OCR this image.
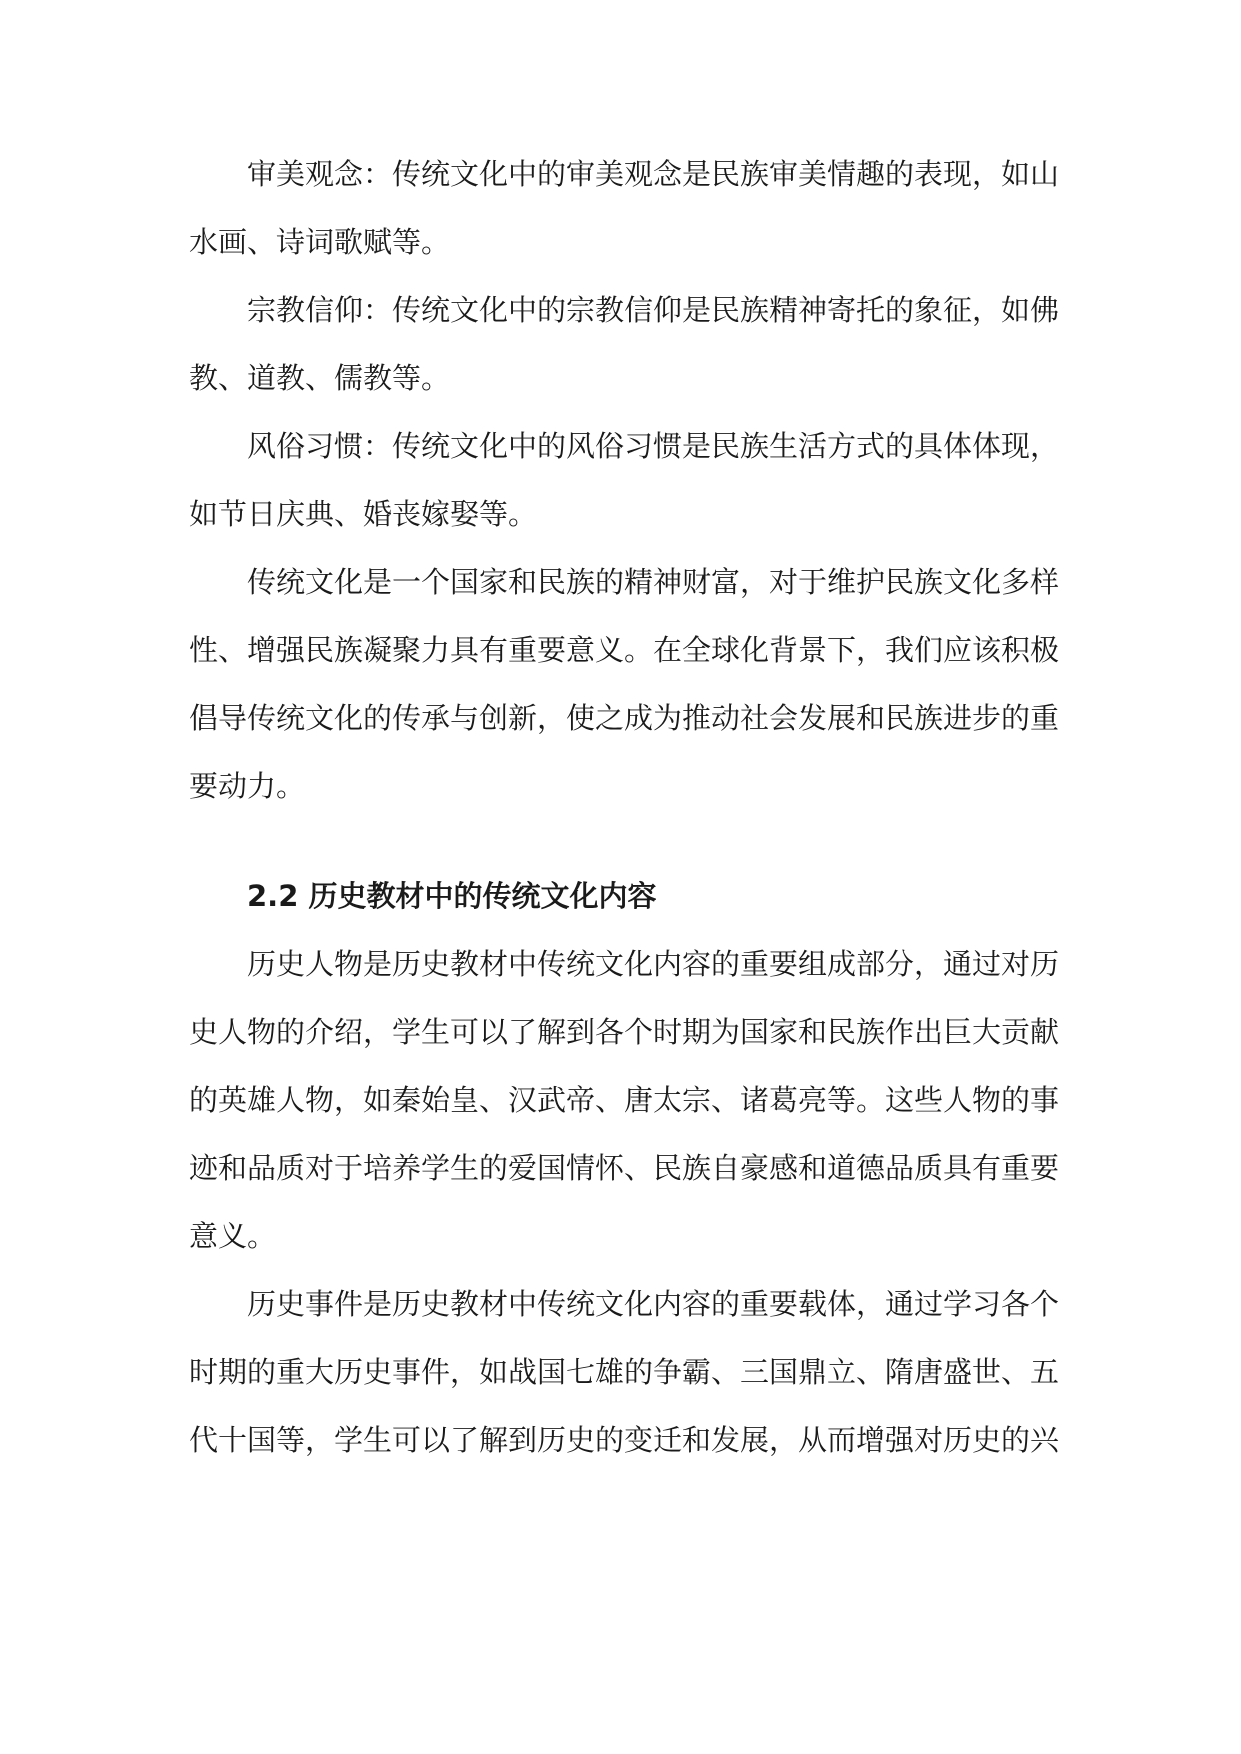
审美观念：传统文化中的审美观念是民族审美情趣的表现，如山水画、诗词歌赋等。

宗教信仰：传统文化中的宗教信仰是民族精神寄托的象征，如佛教、道教、儒教等。

风俗习惯：传统文化中的风俗习惯是民族生活方式的具体体现，如节日庆典、婚丧嫁娶等。

传统文化是一个国家和民族的精神财富，对于维护民族文化多样性、增强民族凝聚力具有重要意义。在全球化背景下，我们应该积极倡导传统文化的传承与创新，使之成为推动社会发展和民族进步的重要动力。

2.2 历史教材中的传统文化内容

历史人物是历史教材中传统文化内容的重要组成部分，通过对历史人物的介绍，学生可以了解到各个时期为国家和民族作出巨大贡献的英雄人物，如秦始皇、汉武帝、唐太宗、诸葛亮等。这些人物的事迹和品质对于培养学生的爱国情怀、民族自豪感和道德品质具有重要意义。

历史事件是历史教材中传统文化内容的重要载体，通过学习各个时期的重大历史事件，如战国七雄的争霸、三国鼎立、隋唐盛世、五代十国等，学生可以了解到历史的变迁和发展，从而增强对历史的兴
